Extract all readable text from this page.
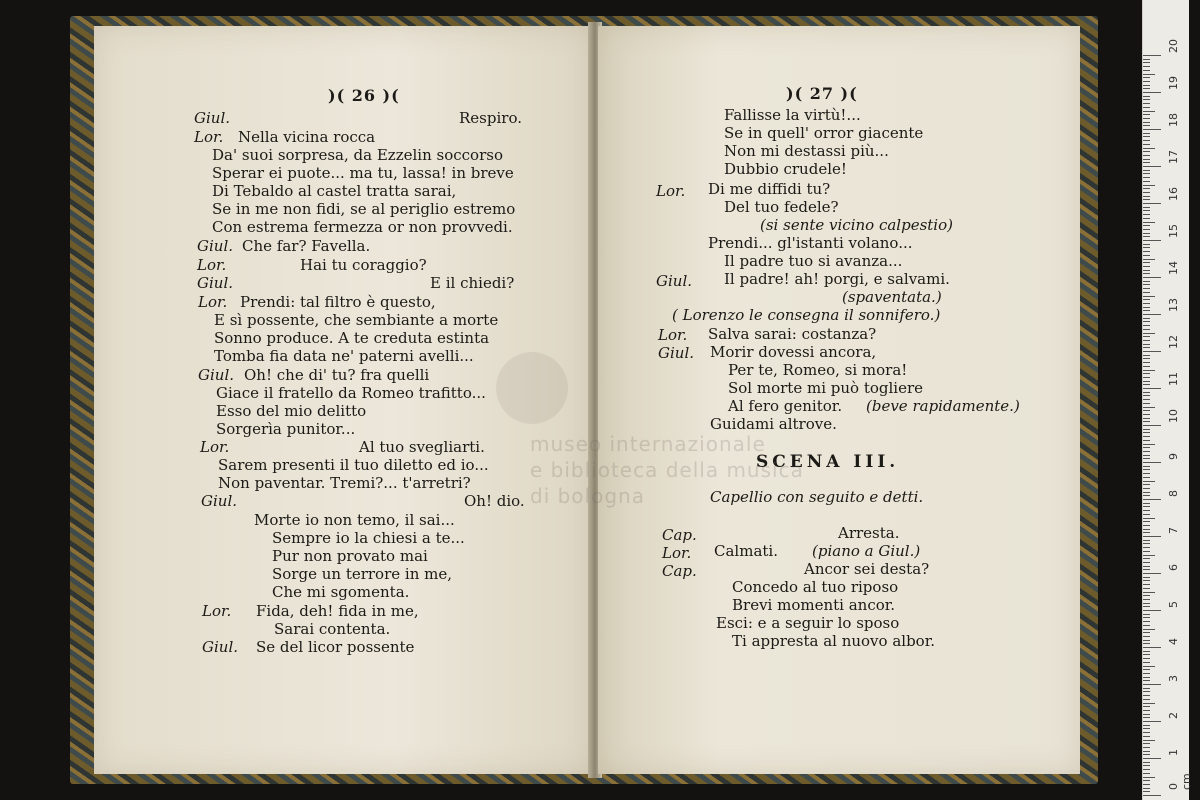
)( 26 )(
Giul.	Respiro.
Lor. Nella vicina rocca
Da' suoi sorpresa, da Ezzelin soccorso
Sperar ei puote... ma tu, lassa! in breve
Di Tebaldo al castel tratta sarai,
Se in me non fidi, se al periglio estremo
Con estrema fermezza or non provvedi.
Giul. Che far? Favella.
Lor.	Hai tu coraggio?
Giul.	E il chiedi?
Lor. Prendi: tal filtro è questo,
E sì possente, che sembiante a morte
Sonno produce. A te creduta estinta
Tomba fia data ne' paterni avelli...
Giul. Oh! che di' tu? fra quelli
Giace il fratello da Romeo trafitto...
Esso del mio delitto
Sorgerìa punitor...
Lor.	Al tuo svegliarti.
Sarem presenti il tuo diletto ed io...
Non paventar. Tremi?... t'arretri?
Giul.	Oh! dio.
Morte io non temo, il sai...
Sempre io la chiesi a te...
Pur non provato mai
Sorge un terrore in me,
Che mi sgomenta.
Lor. Fida, deh! fida in me,
Sarai contenta.
Giul. Se del licor possente
)( 27 )(
Fallisse la virtù!...
Se in quell' orror giacente
Non mi destassi più...
Dubbio crudele!
Lor. Di me diffidi tu?
Del tuo fedele?
(si sente vicino calpestio)
Prendi... gl'istanti volano...
Il padre tuo si avanza...
Giul. Il padre! ah! porgi, e salvami.
(spaventata.)
( Lorenzo le consegna il sonnifero.)
Lor. Salva sarai: costanza?
Giul. Morir dovessi ancora,
Per te, Romeo, si mora!
Sol morte mi può togliere
Al fero genitor. (beve rapidamente.)
Guidami altrove.
SCENA III.
Capellio con seguito e detti.
Cap.	Arresta.
Lor. Calmati. (piano a Giul.)
Cap.	Ancor sei desta?
Concedo al tuo riposo
Brevi momenti ancor.
Esci: e a seguir lo sposo
Ti appresta al nuovo albor.
museo internazionale
e biblioteca della musica
di bologna
0 cm
1
2
3
4
5
6
7
8
9
10
11
12
13
14
15
16
17
18
19
20
